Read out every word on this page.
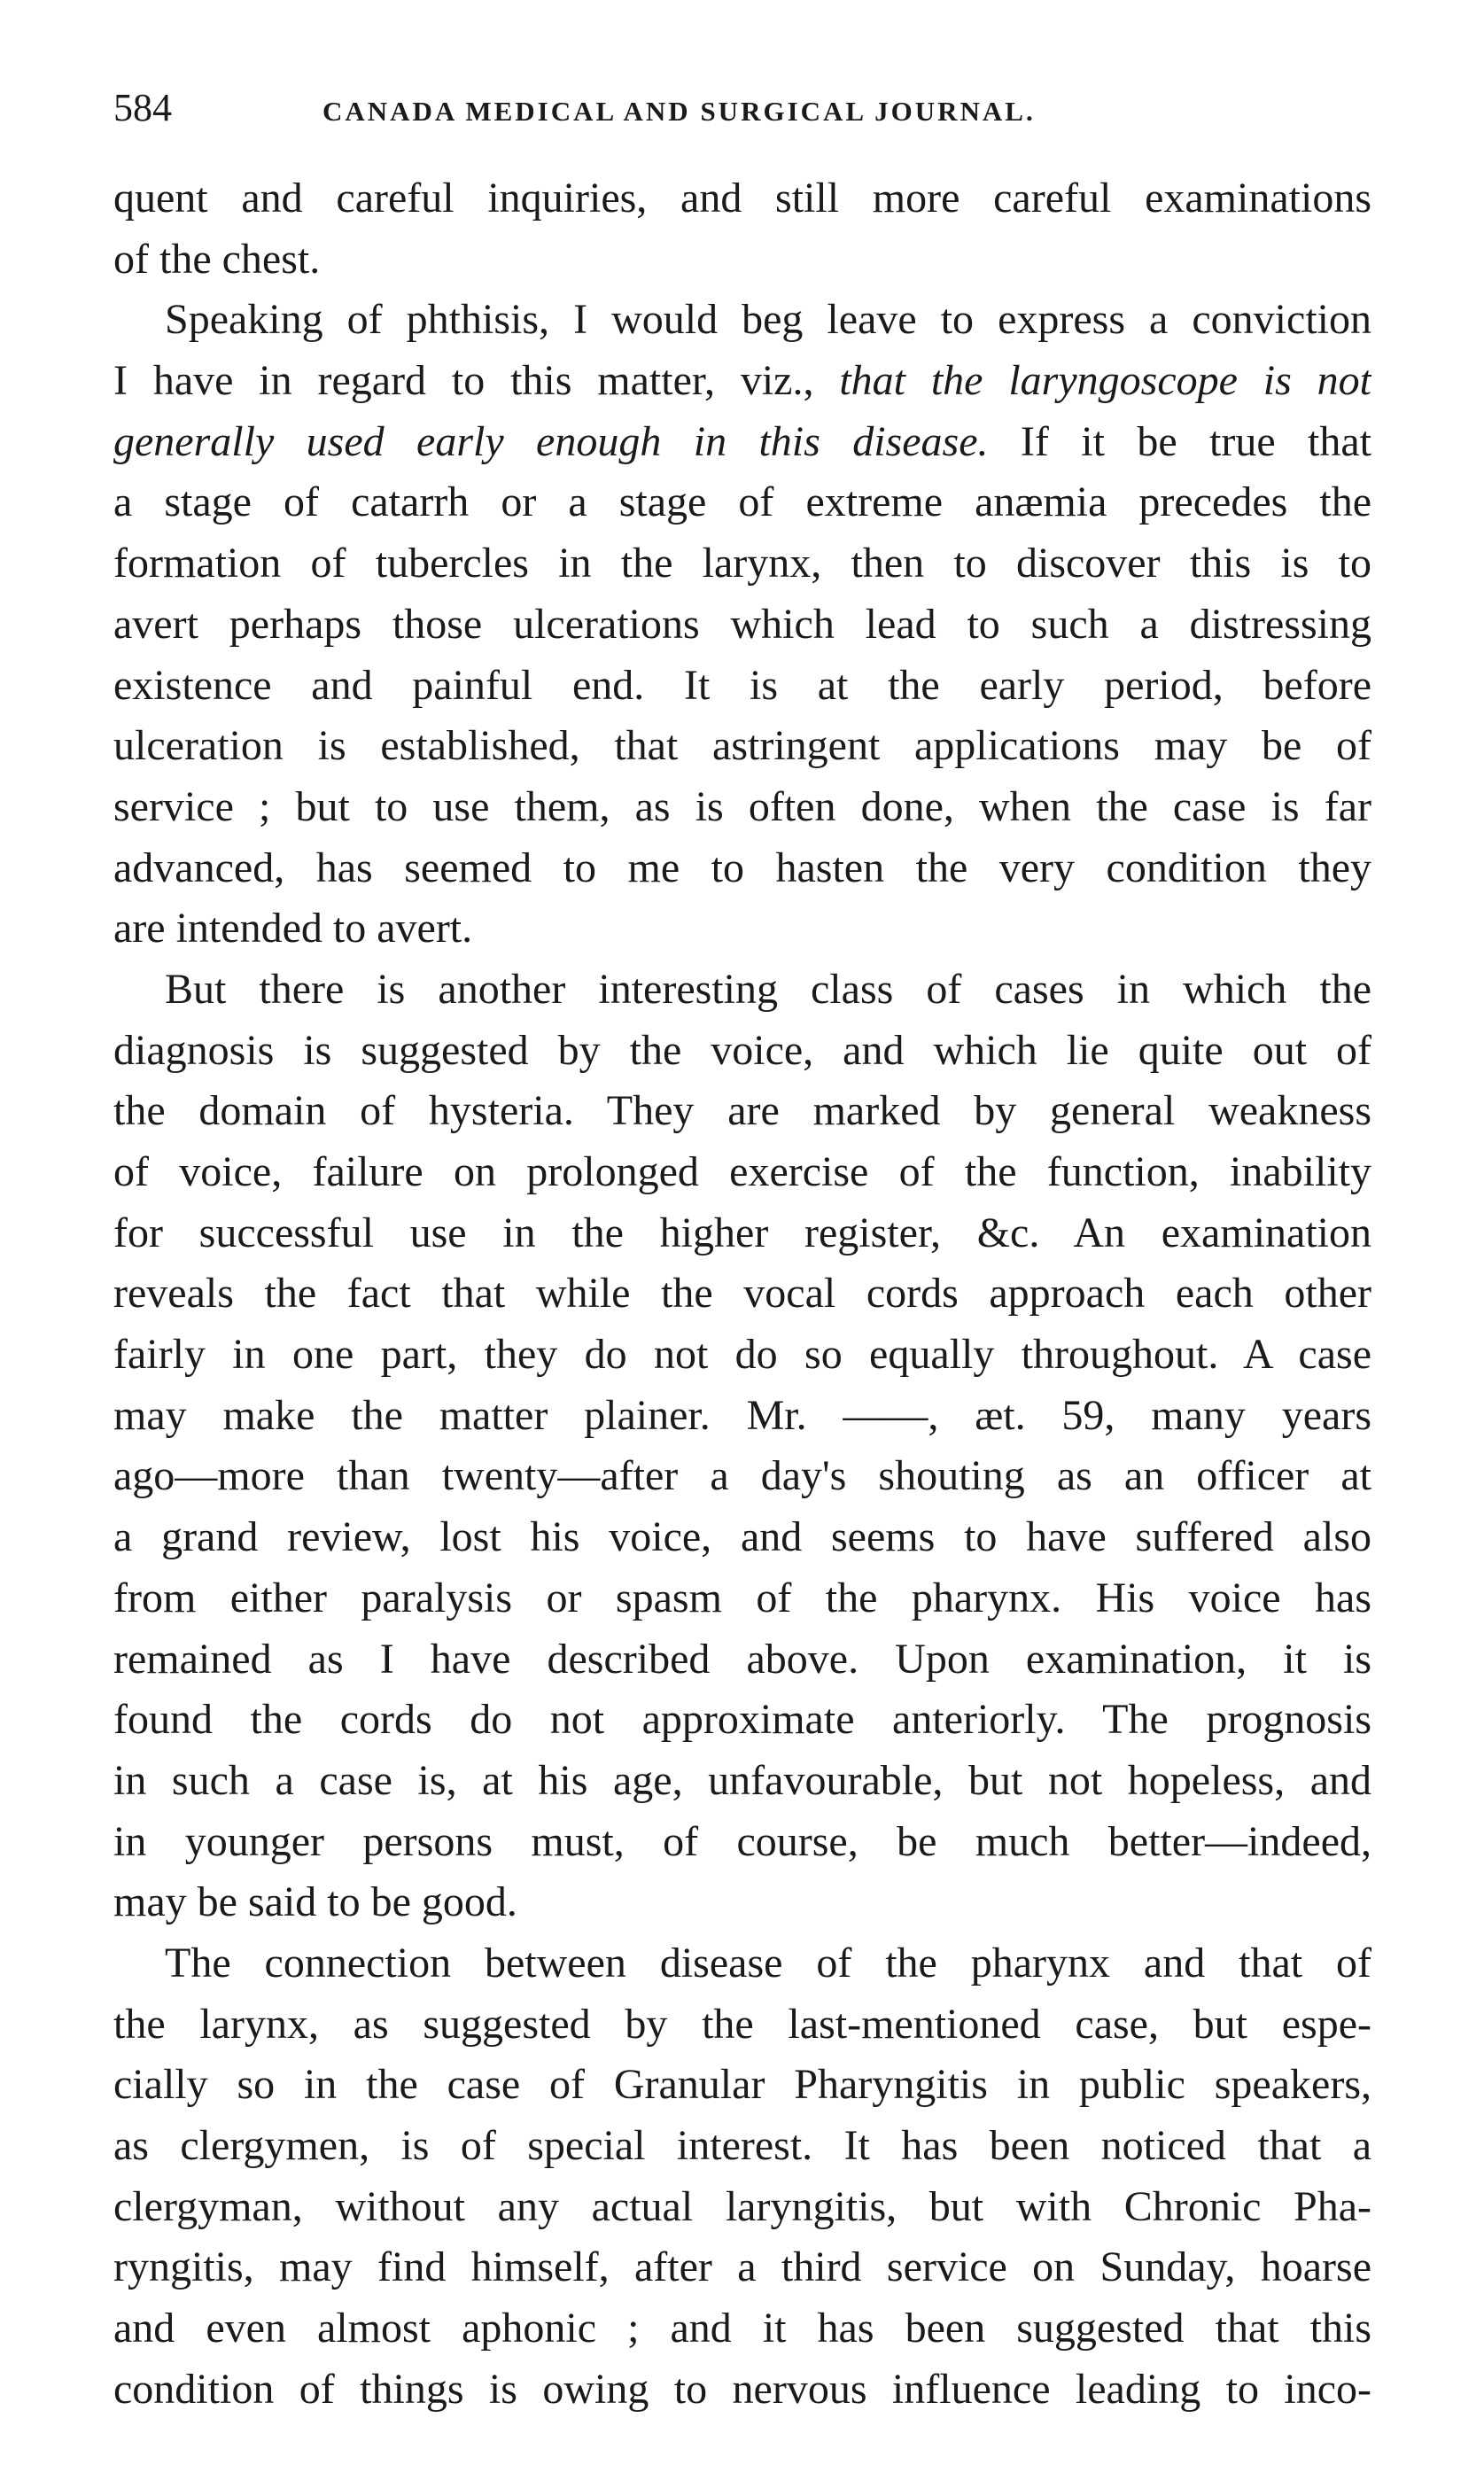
584	CANADA MEDICAL AND SURGICAL JOURNAL.
quent and careful inquiries, and still more careful examinations
of the chest.
Speaking of phthisis, I would beg leave to express a conviction
I have in regard to this matter, viz., that the laryngoscope is not
generally used early enough in this disease. If it be true that
a stage of catarrh or a stage of extreme anæmia precedes the
formation of tubercles in the larynx, then to discover this is to
avert perhaps those ulcerations which lead to such a distressing
existence and painful end. It is at the early period, before
ulceration is established, that astringent applications may be of
service ; but to use them, as is often done, when the case is far
advanced, has seemed to me to hasten the very condition they
are intended to avert.
But there is another interesting class of cases in which the
diagnosis is suggested by the voice, and which lie quite out of
the domain of hysteria. They are marked by general weakness
of voice, failure on prolonged exercise of the function, inability
for successful use in the higher register, &c. An examination
reveals the fact that while the vocal cords approach each other
fairly in one part, they do not do so equally throughout. A case
may make the matter plainer. Mr. ——, æt. 59, many years
ago—more than twenty—after a day's shouting as an officer at
a grand review, lost his voice, and seems to have suffered also
from either paralysis or spasm of the pharynx. His voice has
remained as I have described above. Upon examination, it is
found the cords do not approximate anteriorly. The prognosis
in such a case is, at his age, unfavourable, but not hopeless, and
in younger persons must, of course, be much better—indeed,
may be said to be good.
The connection between disease of the pharynx and that of
the larynx, as suggested by the last-mentioned case, but espe-
cially so in the case of Granular Pharyngitis in public speakers,
as clergymen, is of special interest. It has been noticed that a
clergyman, without any actual laryngitis, but with Chronic Pha-
ryngitis, may find himself, after a third service on Sunday, hoarse
and even almost aphonic ; and it has been suggested that this
condition of things is owing to nervous influence leading to inco-
